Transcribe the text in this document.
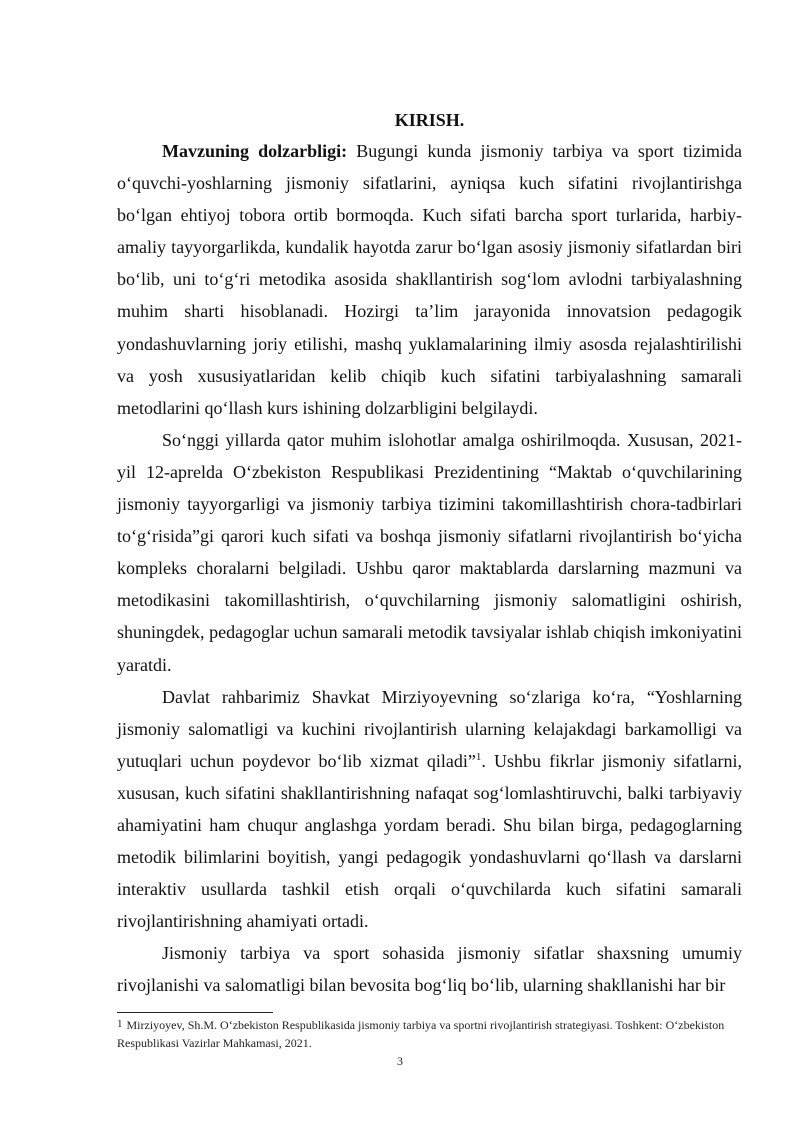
KIRISH.

Mavzuning dolzarbligi: Bugungi kunda jismoniy tarbiya va sport tizimida o‘quvchi-yoshlarning jismoniy sifatlarini, ayniqsa kuch sifatini rivojlantirishga bo‘lgan ehtiyoj tobora ortib bormoqda. Kuch sifati barcha sport turlarida, harbiy-amaliy tayyorgarlikda, kundalik hayotda zarur bo‘lgan asosiy jismoniy sifatlardan biri bo‘lib, uni to‘g‘ri metodika asosida shakllantirish sog‘lom avlodni tarbiyalashning muhim sharti hisoblanadi. Hozirgi ta’lim jarayonida innovatsion pedagogik yondashuvlarning joriy etilishi, mashq yuklamalarining ilmiy asosda rejalashtirilishi va yosh xususiyatlaridan kelib chiqib kuch sifatini tarbiyalashning samarali metodlarini qo‘llash kurs ishining dolzarbligini belgilaydi.

So‘nggi yillarda qator muhim islohotlar amalga oshirilmoqda. Xususan, 2021-yil 12-aprelda O‘zbekiston Respublikasi Prezidentining “Maktab o‘quvchilarining jismoniy tayyorgarligi va jismoniy tarbiya tizimini takomillashtirish chora-tadbirlari to‘g‘risida”gi qarori kuch sifati va boshqa jismoniy sifatlarni rivojlantirish bo‘yicha kompleks choralarni belgiladi. Ushbu qaror maktablarda darslarning mazmuni va metodikasini takomillashtirish, o‘quvchilarning jismoniy salomatligini oshirish, shuningdek, pedagoglar uchun samarali metodik tavsiyalar ishlab chiqish imkoniyatini yaratdi.

Davlat rahbarimiz Shavkat Mirziyoyevning so‘zlariga ko‘ra, “Yoshlarning jismoniy salomatligi va kuchini rivojlantirish ularning kelajakdagi barkamolligi va yutuqlari uchun poydevor bo‘lib xizmat qiladi”$^1$. Ushbu fikrlar jismoniy sifatlarni, xususan, kuch sifatini shakllantirishning nafaqat sog‘lomlashtiruvchi, balki tarbiyaviy ahamiyatini ham chuqur anglashga yordam beradi. Shu bilan birga, pedagoglarning metodik bilimlarini boyitish, yangi pedagogik yondashuvlarni qo‘llash va darslarni interaktiv usullarda tashkil etish orqali o‘quvchilarda kuch sifatini samarali rivojlantirishning ahamiyati ortadi.

Jismoniy tarbiya va sport sohasida jismoniy sifatlar shaxsning umumiy rivojlanishi va salomatligi bilan bevosita bog‘liq bo‘lib, ularning shakllanishi har bir

$^1$ Mirziyoyev, Sh.M. O‘zbekiston Respublikasida jismoniy tarbiya va sportni rivojlantirish strategiyasi. Toshkent: O‘zbekiston Respublikasi Vazirlar Mahkamasi, 2021.
3
